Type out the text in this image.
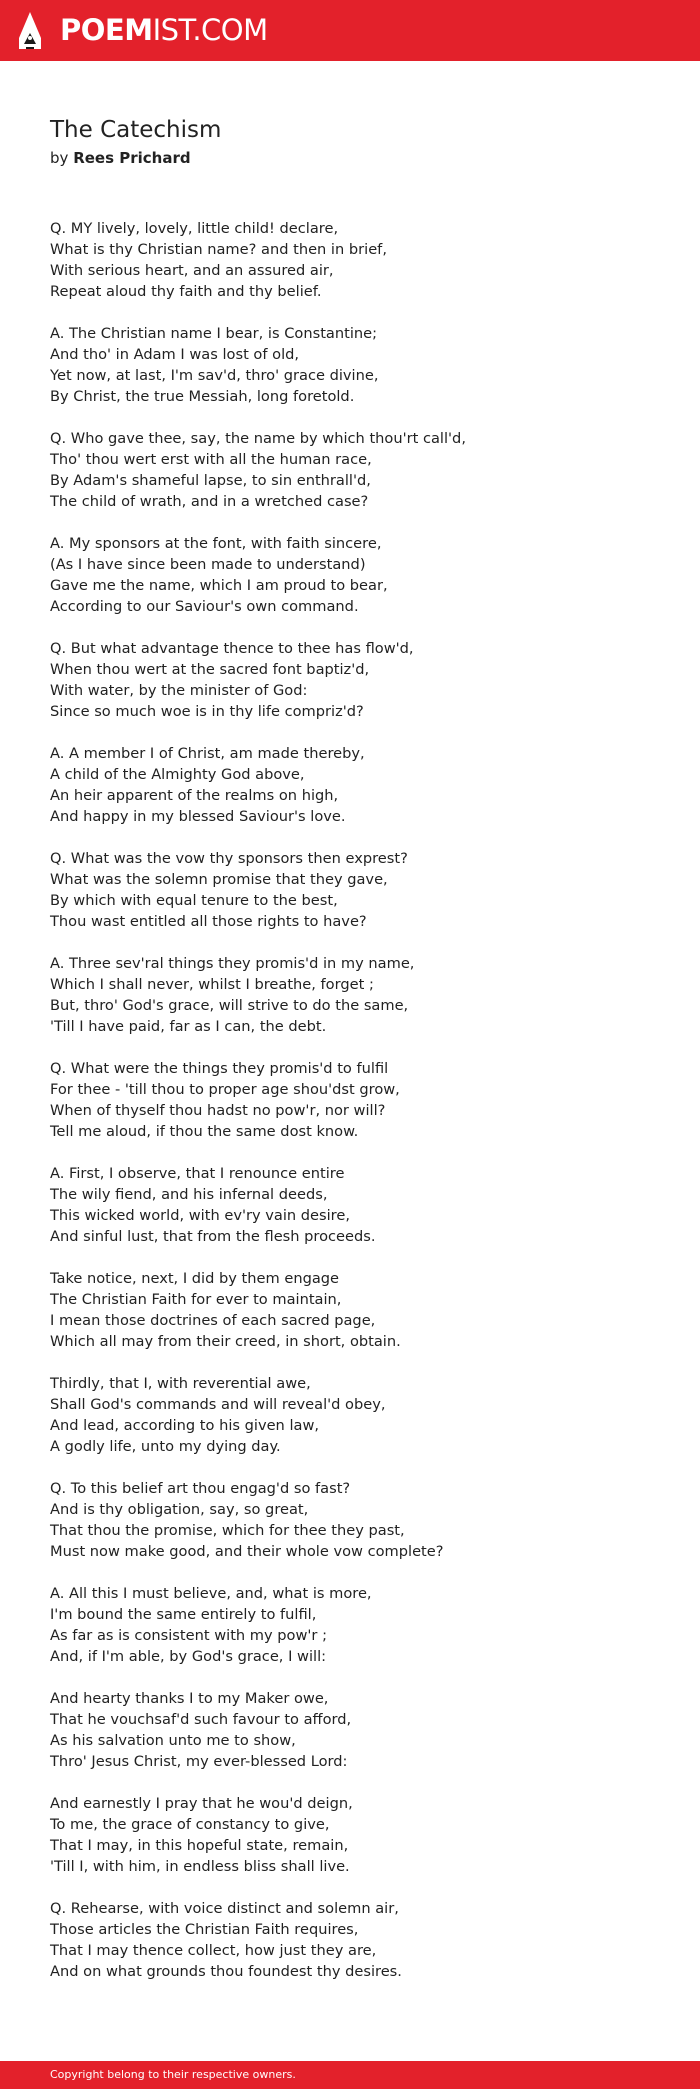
POEMIST.COM
The Catechism
by Rees Prichard
Q. MY lively, lovely, little child! declare,
What is thy Christian name? and then in brief,
With serious heart, and an assured air,
Repeat aloud thy faith and thy belief.
A. The Christian name I bear, is Constantine;
And tho' in Adam I was lost of old,
Yet now, at last, I'm sav'd, thro' grace divine,
By Christ, the true Messiah, long foretold.
Q. Who gave thee, say, the name by which thou'rt call'd,
Tho' thou wert erst with all the human race,
By Adam's shameful lapse, to sin enthrall'd,
The child of wrath, and in a wretched case?
A. My sponsors at the font, with faith sincere,
(As I have since been made to understand)
Gave me the name, which I am proud to bear,
According to our Saviour's own command.
Q. But what advantage thence to thee has flow'd,
When thou wert at the sacred font baptiz'd,
With water, by the minister of God:
Since so much woe is in thy life compriz'd?
A. A member I of Christ, am made thereby,
A child of the Almighty God above,
An heir apparent of the realms on high,
And happy in my blessed Saviour's love.
Q. What was the vow thy sponsors then exprest?
What was the solemn promise that they gave,
By which with equal tenure to the best,
Thou wast entitled all those rights to have?
A. Three sev'ral things they promis'd in my name,
Which I shall never, whilst I breathe, forget ;
But, thro' God's grace, will strive to do the same,
'Till I have paid, far as I can, the debt.
Q. What were the things they promis'd to fulfil
For thee - 'till thou to proper age shou'dst grow,
When of thyself thou hadst no pow'r, nor will?
Tell me aloud, if thou the same dost know.
A. First, I observe, that I renounce entire
The wily fiend, and his infernal deeds,
This wicked world, with ev'ry vain desire,
And sinful lust, that from the flesh proceeds.
Take notice, next, I did by them engage
The Christian Faith for ever to maintain,
I mean those doctrines of each sacred page,
Which all may from their creed, in short, obtain.
Thirdly, that I, with reverential awe,
Shall God's commands and will reveal'd obey,
And lead, according to his given law,
A godly life, unto my dying day.
Q. To this belief art thou engag'd so fast?
And is thy obligation, say, so great,
That thou the promise, which for thee they past,
Must now make good, and their whole vow complete?
A. All this I must believe, and, what is more,
I'm bound the same entirely to fulfil,
As far as is consistent with my pow'r ;
And, if I'm able, by God's grace, I will:
And hearty thanks I to my Maker owe,
That he vouchsaf'd such favour to afford,
As his salvation unto me to show,
Thro' Jesus Christ, my ever-blessed Lord:
And earnestly I pray that he wou'd deign,
To me, the grace of constancy to give,
That I may, in this hopeful state, remain,
'Till I, with him, in endless bliss shall live.
Q. Rehearse, with voice distinct and solemn air,
Those articles the Christian Faith requires,
That I may thence collect, how just they are,
And on what grounds thou foundest thy desires.
Copyright belong to their respective owners.
